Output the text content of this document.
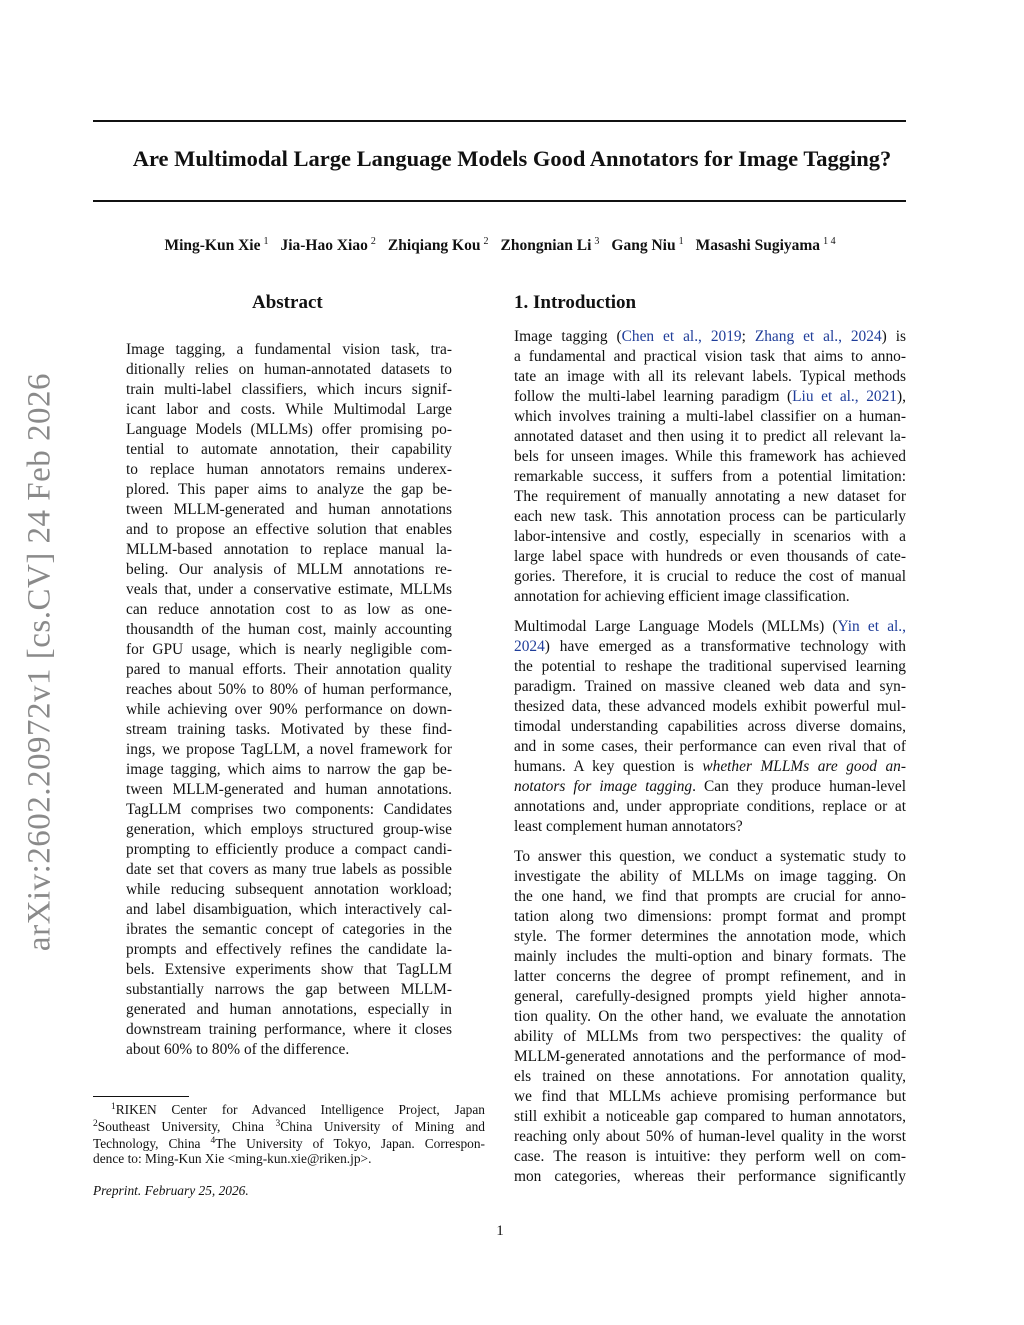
Are Multimodal Large Language Models Good Annotators for Image Tagging?
Ming-Kun Xie $^1$ Jia-Hao Xiao $^2$ Zhiqiang Kou $^2$ Zhongnian Li $^3$ Gang Niu $^1$ Masashi Sugiyama $^{1 4}$
arXiv:2602.20972v1 [cs.CV] 24 Feb 2026
Abstract
Image tagging, a fundamental vision task, tra-
ditionally relies on human-annotated datasets to
train multi-label classifiers, which incurs signif-
icant labor and costs. While Multimodal Large
Language Models (MLLMs) offer promising po-
tential to automate annotation, their capability
to replace human annotators remains underex-
plored. This paper aims to analyze the gap be-
tween MLLM-generated and human annotations
and to propose an effective solution that enables
MLLM-based annotation to replace manual la-
beling. Our analysis of MLLM annotations re-
veals that, under a conservative estimate, MLLMs
can reduce annotation cost to as low as one-
thousandth of the human cost, mainly accounting
for GPU usage, which is nearly negligible com-
pared to manual efforts. Their annotation quality
reaches about 50% to 80% of human performance,
while achieving over 90% performance on down-
stream training tasks. Motivated by these find-
ings, we propose TagLLM, a novel framework for
image tagging, which aims to narrow the gap be-
tween MLLM-generated and human annotations.
TagLLM comprises two components: Candidates
generation, which employs structured group-wise
prompting to efficiently produce a compact candi-
date set that covers as many true labels as possible
while reducing subsequent annotation workload;
and label disambiguation, which interactively cal-
ibrates the semantic concept of categories in the
prompts and effectively refines the candidate la-
bels. Extensive experiments show that TagLLM
substantially narrows the gap between MLLM-
generated and human annotations, especially in
downstream training performance, where it closes
about 60% to 80% of the difference.
1. Introduction
Image tagging (Chen et al., 2019; Zhang et al., 2024) is
a fundamental and practical vision task that aims to anno-
tate an image with all its relevant labels. Typical methods
follow the multi-label learning paradigm (Liu et al., 2021),
which involves training a multi-label classifier on a human-
annotated dataset and then using it to predict all relevant la-
bels for unseen images. While this framework has achieved
remarkable success, it suffers from a potential limitation:
The requirement of manually annotating a new dataset for
each new task. This annotation process can be particularly
labor-intensive and costly, especially in scenarios with a
large label space with hundreds or even thousands of cate-
gories. Therefore, it is crucial to reduce the cost of manual
annotation for achieving efficient image classification.
Multimodal Large Language Models (MLLMs) (Yin et al.,
2024) have emerged as a transformative technology with
the potential to reshape the traditional supervised learning
paradigm. Trained on massive cleaned web data and syn-
thesized data, these advanced models exhibit powerful mul-
timodal understanding capabilities across diverse domains,
and in some cases, their performance can even rival that of
humans. A key question is whether MLLMs are good an-
notators for image tagging. Can they produce human-level
annotations and, under appropriate conditions, replace or at
least complement human annotators?
To answer this question, we conduct a systematic study to
investigate the ability of MLLMs on image tagging. On
the one hand, we find that prompts are crucial for anno-
tation along two dimensions: prompt format and prompt
style. The former determines the annotation mode, which
mainly includes the multi-option and binary formats. The
latter concerns the degree of prompt refinement, and in
general, carefully-designed prompts yield higher annota-
tion quality. On the other hand, we evaluate the annotation
ability of MLLMs from two perspectives: the quality of
MLLM-generated annotations and the performance of mod-
els trained on these annotations. For annotation quality,
we find that MLLMs achieve promising performance but
still exhibit a noticeable gap compared to human annotators,
reaching only about 50% of human-level quality in the worst
case. The reason is intuitive: they perform well on com-
mon categories, whereas their performance significantly
$^1$RIKEN Center for Advanced Intelligence Project, Japan
$^2$Southeast University, China $^3$China University of Mining and
Technology, China $^4$The University of Tokyo, Japan. Correspon-
dence to: Ming-Kun Xie <ming-kun.xie@riken.jp>.
Preprint. February 25, 2026.
1
